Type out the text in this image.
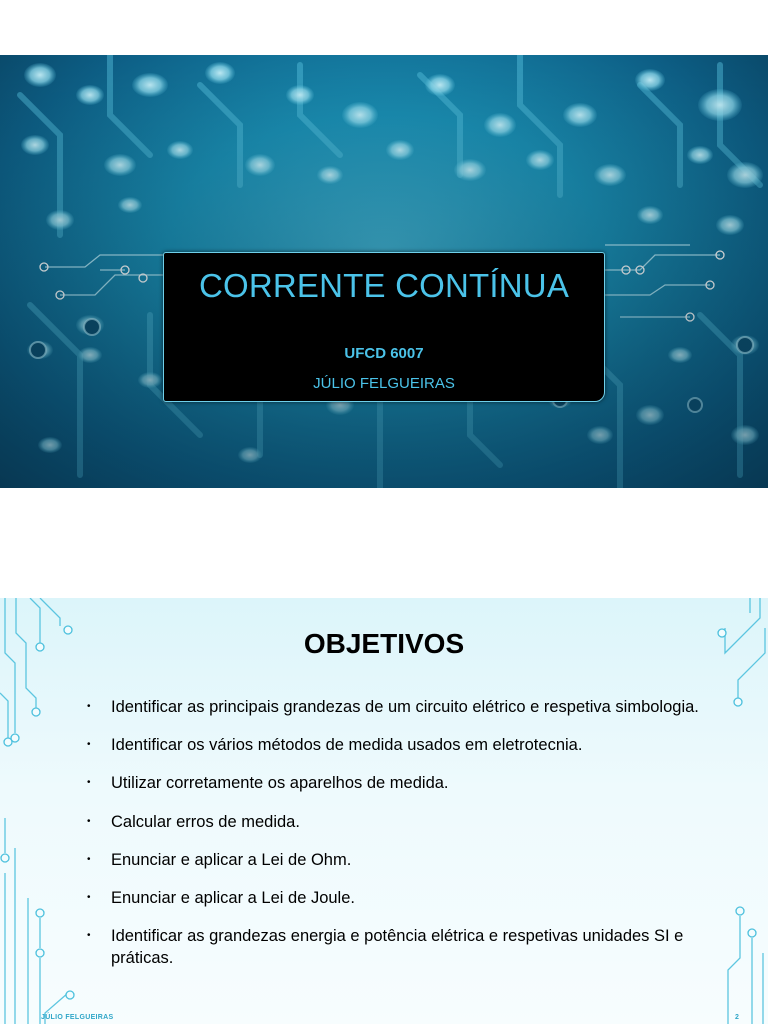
CORRENTE CONTÍNUA
UFCD 6007
JÚLIO FELGUEIRAS
OBJETIVOS
• Identificar as principais grandezas de um circuito elétrico e respetiva simbologia.
• Identificar os vários métodos de medida usados em eletrotecnia.
• Utilizar corretamente os aparelhos de medida.
• Calcular erros de medida.
• Enunciar e aplicar a Lei de Ohm.
• Enunciar e aplicar a Lei de Joule.
• Identificar as grandezas energia e potência elétrica e respetivas unidades SI e práticas.
JÚLIO FELGUEIRAS	2
